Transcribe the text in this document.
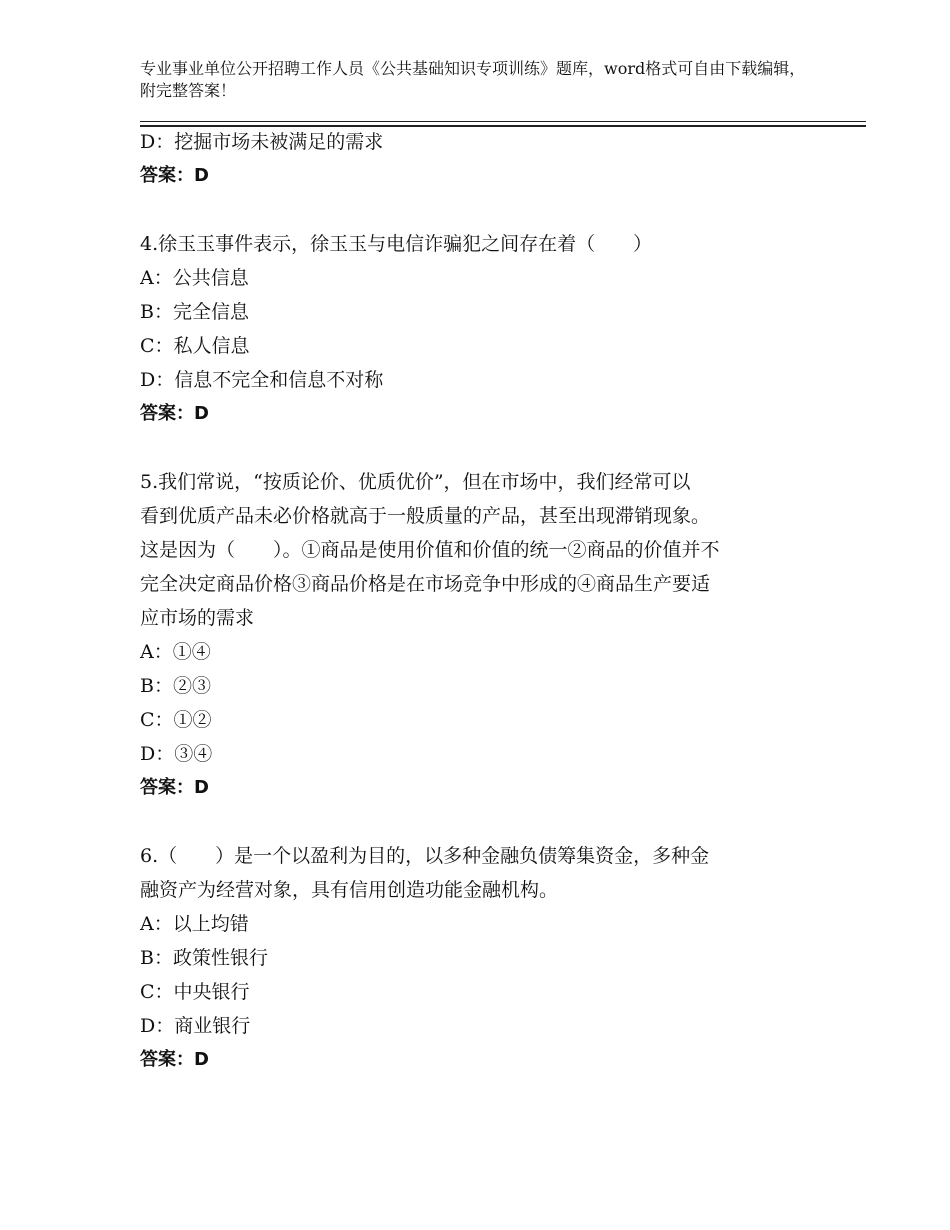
专业事业单位公开招聘工作人员《公共基础知识专项训练》题库，word格式可自由下载编辑，附完整答案！
D：挖掘市场未被满足的需求
答案：D
4.徐玉玉事件表示，徐玉玉与电信诈骗犯之间存在着（　　）
A：公共信息
B：完全信息
C：私人信息
D：信息不完全和信息不对称
答案：D
5.我们常说，“按质论价、优质优价”，但在市场中，我们经常可以
看到优质产品未必价格就高于一般质量的产品，甚至出现滞销现象。
这是因为（　　）。①商品是使用价值和价值的统一②商品的价值并不
完全决定商品价格③商品价格是在市场竞争中形成的④商品生产要适
应市场的需求
A：①④
B：②③
C：①②
D：③④
答案：D
6.（　　）是一个以盈利为目的，以多种金融负债筹集资金，多种金
融资产为经营对象，具有信用创造功能金融机构。
A：以上均错
B：政策性银行
C：中央银行
D：商业银行
答案：D
